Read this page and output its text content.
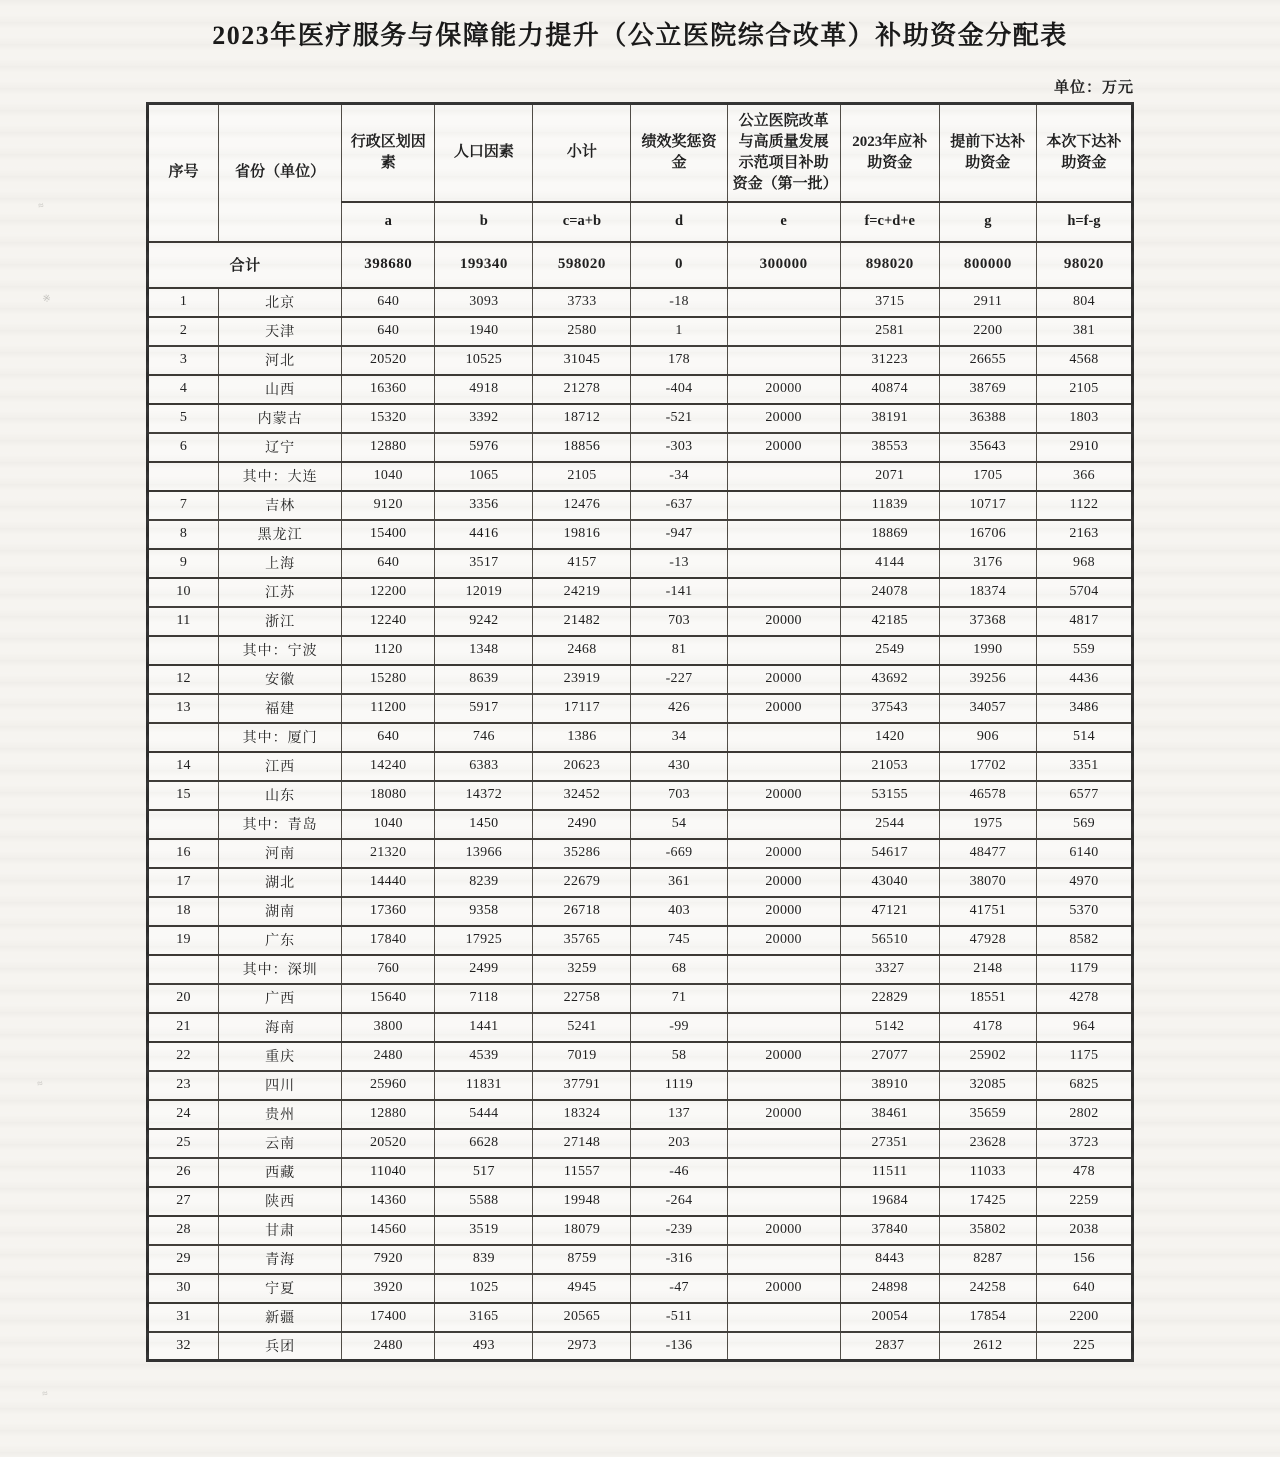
≈
※
≈
≈
2023年医疗服务与保障能力提升（公立医院综合改革）补助资金分配表
单位：万元
序号	省份（单位）	行政区划因素	人口因素	小计	绩效奖惩资金	公立医院改革与高质量发展示范项目补助资金（第一批）	2023年应补助资金	提前下达补助资金	本次下达补助资金
		a	b	c=a+b	d	e	f=c+d+e	g	h=f-g
合计		398680	199340	598020	0	300000	898020	800000	98020
1	北京	640	3093	3733	-18		3715	2911	804
2	天津	640	1940	2580	1		2581	2200	381
3	河北	20520	10525	31045	178		31223	26655	4568
4	山西	16360	4918	21278	-404	20000	40874	38769	2105
5	内蒙古	15320	3392	18712	-521	20000	38191	36388	1803
6	辽宁	12880	5976	18856	-303	20000	38553	35643	2910
	其中：大连	1040	1065	2105	-34		2071	1705	366
7	吉林	9120	3356	12476	-637		11839	10717	1122
8	黑龙江	15400	4416	19816	-947		18869	16706	2163
9	上海	640	3517	4157	-13		4144	3176	968
10	江苏	12200	12019	24219	-141		24078	18374	5704
11	浙江	12240	9242	21482	703	20000	42185	37368	4817
	其中：宁波	1120	1348	2468	81		2549	1990	559
12	安徽	15280	8639	23919	-227	20000	43692	39256	4436
13	福建	11200	5917	17117	426	20000	37543	34057	3486
	其中：厦门	640	746	1386	34		1420	906	514
14	江西	14240	6383	20623	430		21053	17702	3351
15	山东	18080	14372	32452	703	20000	53155	46578	6577
	其中：青岛	1040	1450	2490	54		2544	1975	569
16	河南	21320	13966	35286	-669	20000	54617	48477	6140
17	湖北	14440	8239	22679	361	20000	43040	38070	4970
18	湖南	17360	9358	26718	403	20000	47121	41751	5370
19	广东	17840	17925	35765	745	20000	56510	47928	8582
	其中：深圳	760	2499	3259	68		3327	2148	1179
20	广西	15640	7118	22758	71		22829	18551	4278
21	海南	3800	1441	5241	-99		5142	4178	964
22	重庆	2480	4539	7019	58	20000	27077	25902	1175
23	四川	25960	11831	37791	1119		38910	32085	6825
24	贵州	12880	5444	18324	137	20000	38461	35659	2802
25	云南	20520	6628	27148	203		27351	23628	3723
26	西藏	11040	517	11557	-46		11511	11033	478
27	陕西	14360	5588	19948	-264		19684	17425	2259
28	甘肃	14560	3519	18079	-239	20000	37840	35802	2038
29	青海	7920	839	8759	-316		8443	8287	156
30	宁夏	3920	1025	4945	-47	20000	24898	24258	640
31	新疆	17400	3165	20565	-511		20054	17854	2200
32	兵团	2480	493	2973	-136		2837	2612	225
